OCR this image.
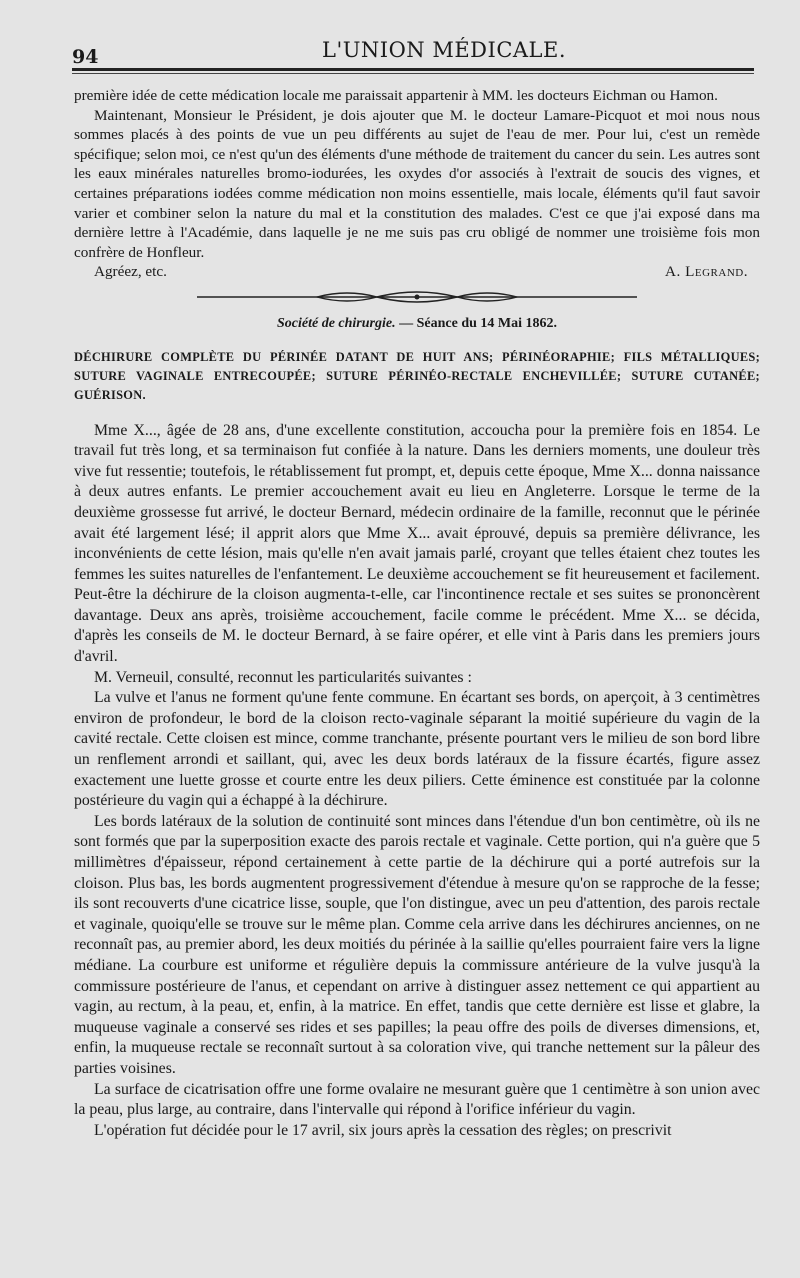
94	L'UNION MÉDICALE.

première idée de cette médication locale me paraissait appartenir à MM. les docteurs Eichman ou Hamon.

Maintenant, Monsieur le Président, je dois ajouter que M. le docteur Lamare-Picquot et moi nous nous sommes placés à des points de vue un peu différents au sujet de l'eau de mer. Pour lui, c'est un remède spécifique; selon moi, ce n'est qu'un des éléments d'une méthode de traitement du cancer du sein. Les autres sont les eaux minérales naturelles bromo-iodurées, les oxydes d'or associés à l'extrait de soucis des vignes, et certaines préparations iodées comme médication non moins essentielle, mais locale, éléments qu'il faut savoir varier et combiner selon la nature du mal et la constitution des malades. C'est ce que j'ai exposé dans ma dernière lettre à l'Académie, dans laquelle je ne me suis pas cru obligé de nommer une troisième fois mon confrère de Honfleur.

Agréez, etc.	A. Legrand.

Société de chirurgie. — Séance du 14 Mai 1862.
DÉCHIRURE COMPLÈTE DU PÉRINÉE DATANT DE HUIT ANS; PÉRINÉORAPHIE; FILS MÉTALLIQUES; SUTURE VAGINALE ENTRECOUPÉE; SUTURE PÉRINÉO-RECTALE ENCHEVILLÉE; SUTURE CUTANÉE; GUÉRISON.

Mme X..., âgée de 28 ans, d'une excellente constitution, accoucha pour la première fois en 1854. Le travail fut très long, et sa terminaison fut confiée à la nature. Dans les derniers moments, une douleur très vive fut ressentie; toutefois, le rétablissement fut prompt, et, depuis cette époque, Mme X... donna naissance à deux autres enfants. Le premier accouchement avait eu lieu en Angleterre. Lorsque le terme de la deuxième grossesse fut arrivé, le docteur Bernard, médecin ordinaire de la famille, reconnut que le périnée avait été largement lésé; il apprit alors que Mme X... avait éprouvé, depuis sa première délivrance, les inconvénients de cette lésion, mais qu'elle n'en avait jamais parlé, croyant que telles étaient chez toutes les femmes les suites naturelles de l'enfantement. Le deuxième accouchement se fit heureusement et facilement. Peut-être la déchirure de la cloison augmenta-t-elle, car l'incontinence rectale et ses suites se prononcèrent davantage. Deux ans après, troisième accouchement, facile comme le précédent. Mme X... se décida, d'après les conseils de M. le docteur Bernard, à se faire opérer, et elle vint à Paris dans les premiers jours d'avril.

M. Verneuil, consulté, reconnut les particularités suivantes :

La vulve et l'anus ne forment qu'une fente commune. En écartant ses bords, on aperçoit, à 3 centimètres environ de profondeur, le bord de la cloison recto-vaginale séparant la moitié supérieure du vagin de la cavité rectale. Cette cloisen est mince, comme tranchante, présente pourtant vers le milieu de son bord libre un renflement arrondi et saillant, qui, avec les deux bords latéraux de la fissure écartés, figure assez exactement une luette grosse et courte entre les deux piliers. Cette éminence est constituée par la colonne postérieure du vagin qui a échappé à la déchirure.

Les bords latéraux de la solution de continuité sont minces dans l'étendue d'un bon centimètre, où ils ne sont formés que par la superposition exacte des parois rectale et vaginale. Cette portion, qui n'a guère que 5 millimètres d'épaisseur, répond certainement à cette partie de la déchirure qui a porté autrefois sur la cloison. Plus bas, les bords augmentent progressivement d'étendue à mesure qu'on se rapproche de la fesse; ils sont recouverts d'une cicatrice lisse, souple, que l'on distingue, avec un peu d'attention, des parois rectale et vaginale, quoiqu'elle se trouve sur le même plan. Comme cela arrive dans les déchirures anciennes, on ne reconnaît pas, au premier abord, les deux moitiés du périnée à la saillie qu'elles pourraient faire vers la ligne médiane. La courbure est uniforme et régulière depuis la commissure antérieure de la vulve jusqu'à la commissure postérieure de l'anus, et cependant on arrive à distinguer assez nettement ce qui appartient au vagin, au rectum, à la peau, et, enfin, à la matrice. En effet, tandis que cette dernière est lisse et glabre, la muqueuse vaginale a conservé ses rides et ses papilles; la peau offre des poils de diverses dimensions, et, enfin, la muqueuse rectale se reconnaît surtout à sa coloration vive, qui tranche nettement sur la pâleur des parties voisines.

La surface de cicatrisation offre une forme ovalaire ne mesurant guère que 1 centimètre à son union avec la peau, plus large, au contraire, dans l'intervalle qui répond à l'orifice inférieur du vagin.

L'opération fut décidée pour le 17 avril, six jours après la cessation des règles; on prescrivit
